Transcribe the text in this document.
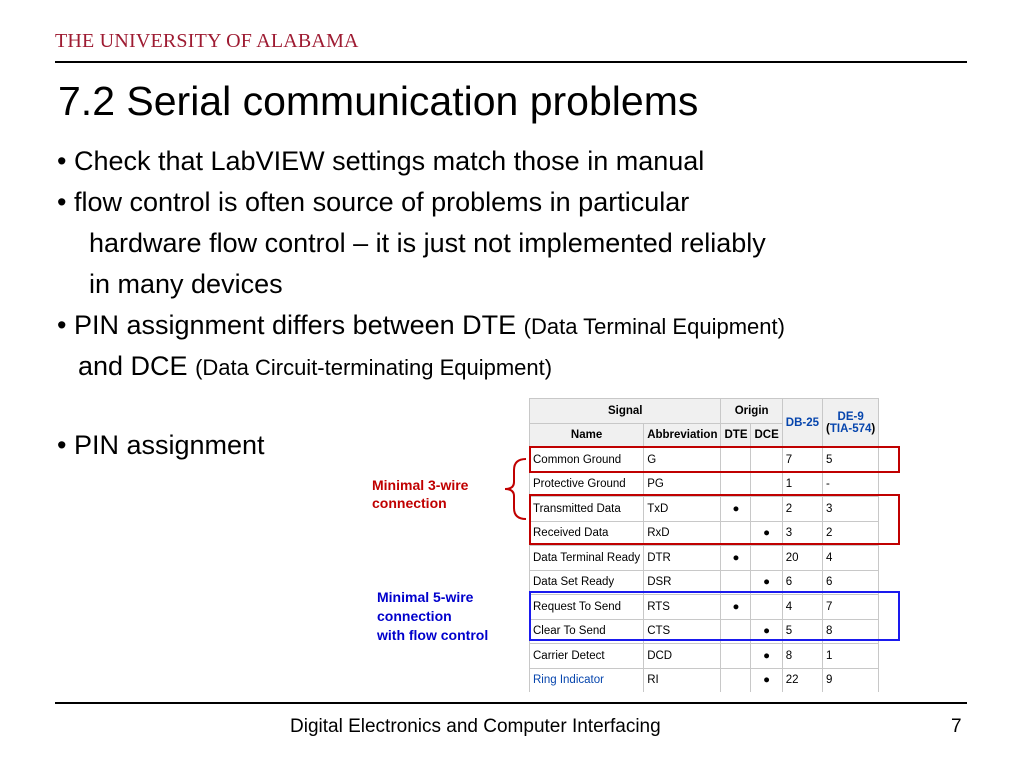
THE UNIVERSITY OF ALABAMA
7.2 Serial communication problems
• Check that LabVIEW settings match those in manual
• flow control is often source of problems in particular
hardware flow control – it is just not implemented reliably
in many devices
• PIN assignment differs between DTE (Data Terminal Equipment)
and DCE (Data Circuit-terminating Equipment)
• PIN assignment
Minimal 3-wire
connection
Minimal 5-wire
connection
with flow control
Signal		Origin		DB-25	DE-9
(TIA-574)

Name	Abbreviation	DTE	DCE		
Common Ground	G			7	5
Protective Ground	PG			1	-
Transmitted Data	TxD	●		2	3
Received Data	RxD		●	3	2
Data Terminal Ready	DTR	●		20	4
Data Set Ready	DSR		●	6	6
Request To Send	RTS	●		4	7
Clear To Send	CTS		●	5	8
Carrier Detect	DCD		●	8	1
Ring Indicator	RI		●	22	9
Digital Electronics and Computer Interfacing	7
